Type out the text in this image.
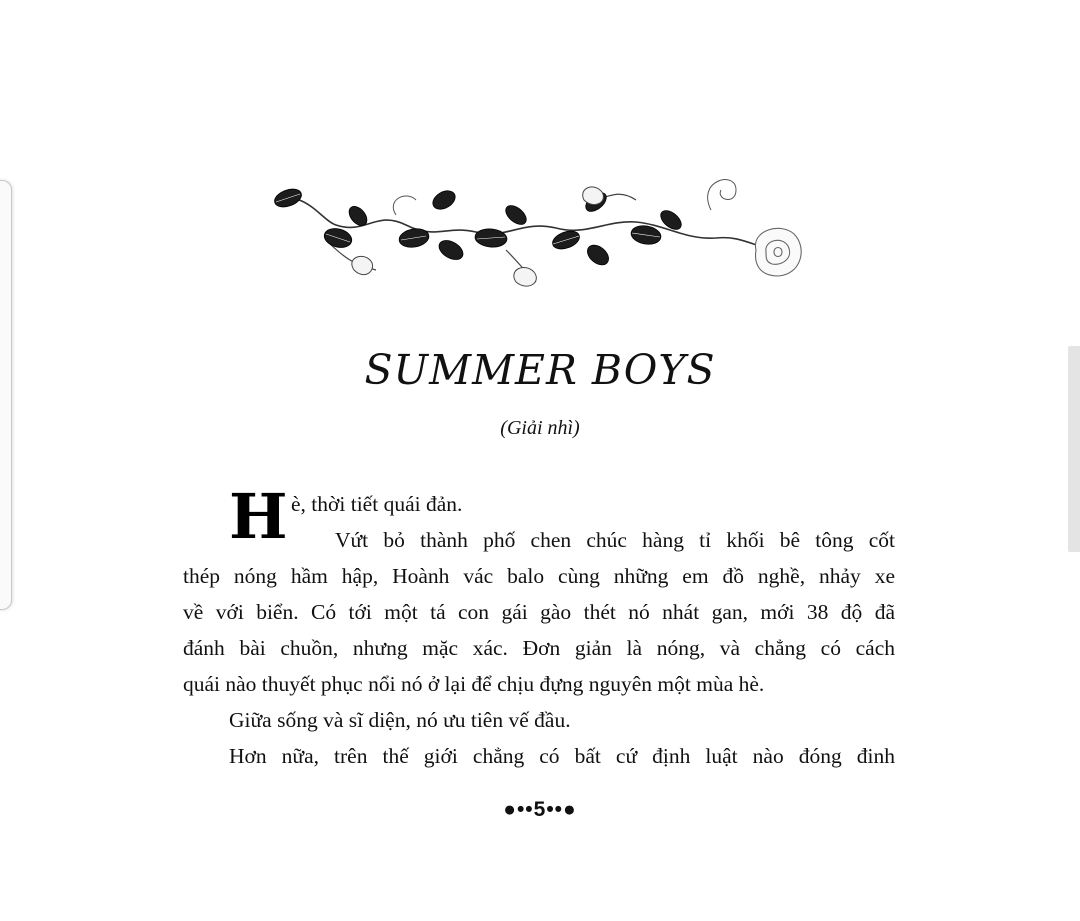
SUMMER BOYS
(Giải nhì)
H è, thời tiết quái đản.
Vứt bỏ thành phố chen chúc hàng tỉ khối bê tông cốt
thép nóng hầm hập, Hoành vác balo cùng những em đồ nghề, nhảy xe
về với biển. Có tới một tá con gái gào thét nó nhát gan, mới 38 độ đã
đánh bài chuồn, nhưng mặc xác. Đơn giản là nóng, và chẳng có cách
quái nào thuyết phục nổi nó ở lại để chịu đựng nguyên một mùa hè.
Giữa sống và sĩ diện, nó ưu tiên vế đầu.
Hơn nữa, trên thế giới chẳng có bất cứ định luật nào đóng đinh
●••5••●
